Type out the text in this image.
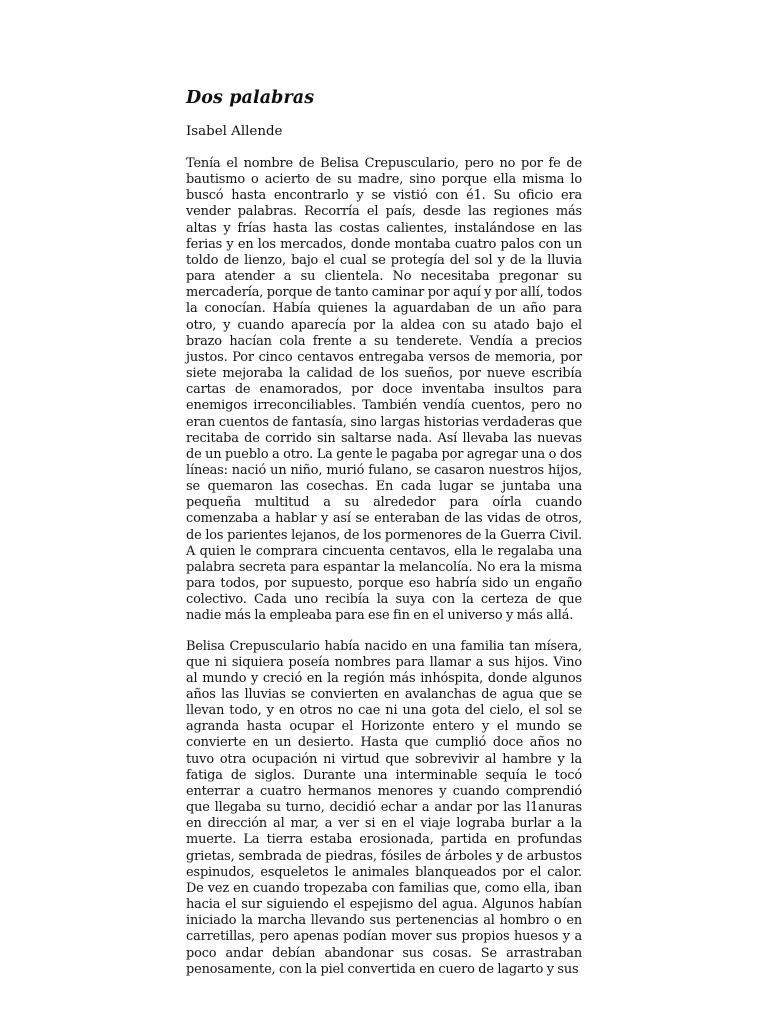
Dos palabras

Isabel Allende

Tenía el nombre de Belisa Crepusculario, pero no por fe de bautismo o acierto de su madre, sino porque ella misma lo buscó hasta encontrarlo y se vistió con é1. Su oficio era vender palabras. Recorría el país, desde las regiones más altas y frías hasta las costas calientes, instalándose en las ferias y en los mercados, donde montaba cuatro palos con un toldo de lienzo, bajo el cual se protegía del sol y de la lluvia para atender a su clientela. No necesitaba pregonar su mercadería, porque de tanto caminar por aquí y por allí, todos la conocían. Había quienes la aguardaban de un año para otro, y cuando aparecía por la aldea con su atado bajo el brazo hacían cola frente a su tenderete. Vendía a precios justos. Por cinco centavos entregaba versos de memoria, por siete mejoraba la calidad de los sueños, por nueve escribía cartas de enamorados, por doce inventaba insultos para enemigos irreconciliables. También vendía cuentos, pero no eran cuentos de fantasía, sino largas historias verdaderas que recitaba de corrido sin saltarse nada. Así llevaba las nuevas de un pueblo a otro. La gente le pagaba por agregar una o dos líneas: nació un niño, murió fulano, se casaron nuestros hijos, se quemaron las cosechas. En cada lugar se juntaba una pequeña multitud a su alrededor para oírla cuando comenzaba a hablar y así se enteraban de las vidas de otros, de los parientes lejanos, de los pormenores de la Guerra Civil. A quien le comprara cincuenta centavos, ella le regalaba una palabra secreta para espantar la melancolía. No era la misma para todos, por supuesto, porque eso habría sido un engaño colectivo. Cada uno recibía la suya con la certeza de que nadie más la empleaba para ese fin en el universo y más allá.

Belisa Crepusculario había nacido en una familia tan mísera, que ni siquiera poseía nombres para llamar a sus hijos. Vino al mundo y creció en la región más inhóspita, donde algunos años las lluvias se convierten en avalanchas de agua que se llevan todo, y en otros no cae ni una gota del cielo, el sol se agranda hasta ocupar el Horizonte entero y el mundo se convierte en un desierto. Hasta que cumplió doce años no tuvo otra ocupación ni virtud que sobrevivir al hambre y la fatiga de siglos. Durante una interminable sequía le tocó enterrar a cuatro hermanos menores y cuando comprendió que llegaba su turno, decidió echar a andar por las l1anuras en dirección al mar, a ver si en el viaje lograba burlar a la muerte. La tierra estaba erosionada, partida en profundas grietas, sembrada de piedras, fósiles de árboles y de arbustos espinudos, esqueletos le animales blanqueados por el calor. De vez en cuando tropezaba con familias que, como ella, iban hacia el sur siguiendo el espejismo del agua. Algunos habían iniciado la marcha llevando sus pertenencias al hombro o en carretillas, pero apenas podían mover sus propios huesos y a poco andar debían abandonar sus cosas. Se arrastraban penosamente, con la piel convertida en cuero de lagarto y sus
